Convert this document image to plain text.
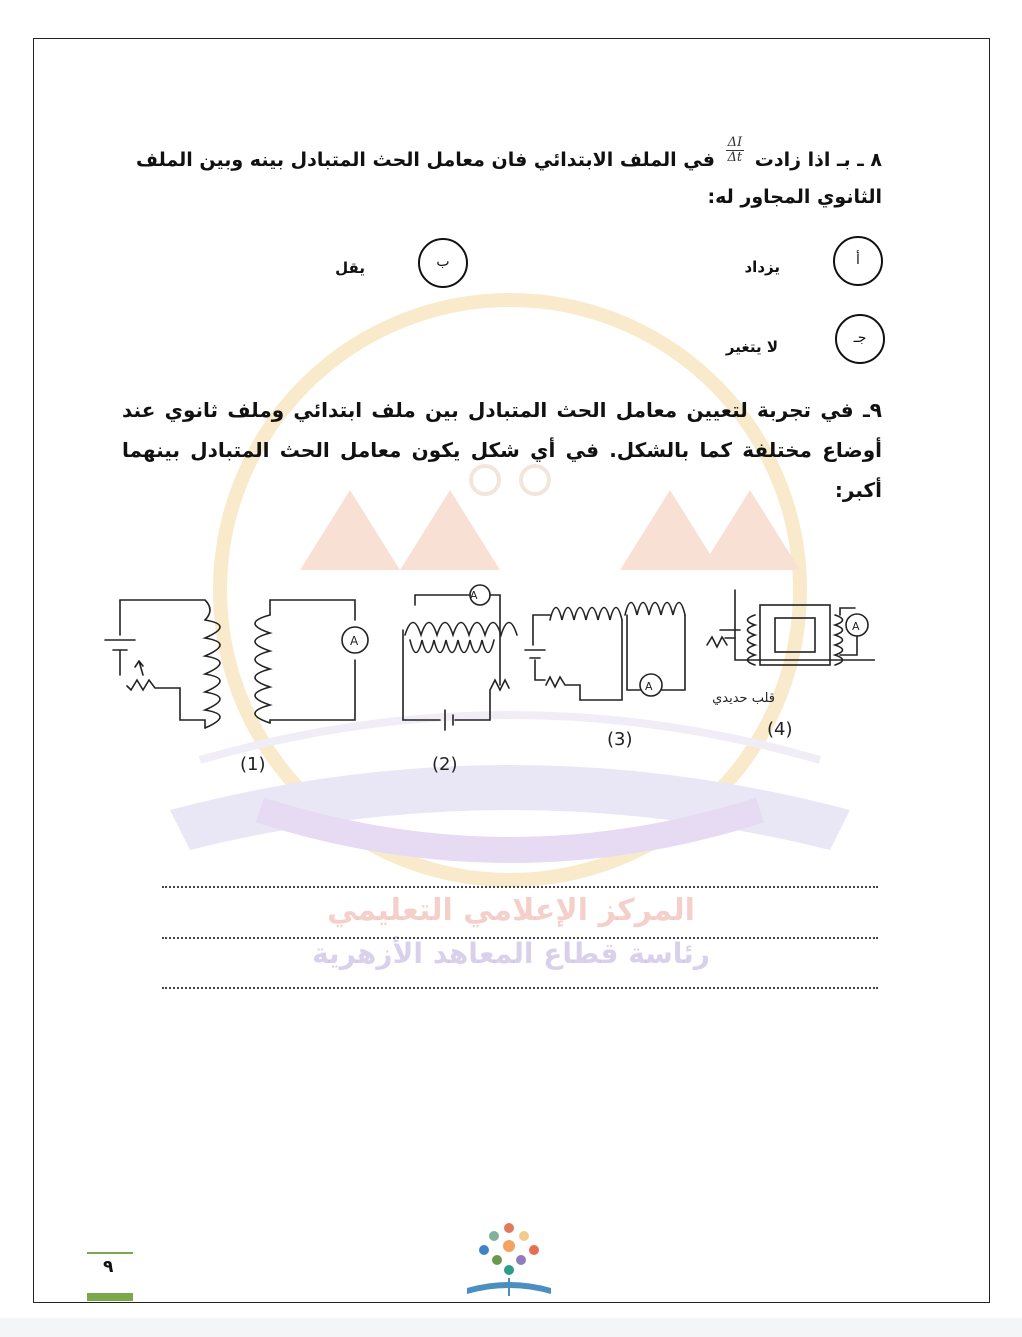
المركز الإعلامي التعليمي
رئاسة قطاع المعاهد الأزهرية
٨ ـ بـ اذا زادت
$\frac{\Delta I}{\Delta t}$
في الملف الابتدائي فان معامل الحث المتبادل بينه وبين الملف
الثانوي المجاور له:
أ
يزداد
ب
يقل
جـ
لا يتغير
٩ـ في تجربة لتعيين معامل الحث المتبادل بين ملف ابتدائي وملف ثانوي عند أوضاع مختلفة كما بالشكل. في أي شكل يكون معامل الحث المتبادل بينهما أكبر:
(1)
A
A
(2)
A
(3)
A
قلب حديدي
(4)
٩
